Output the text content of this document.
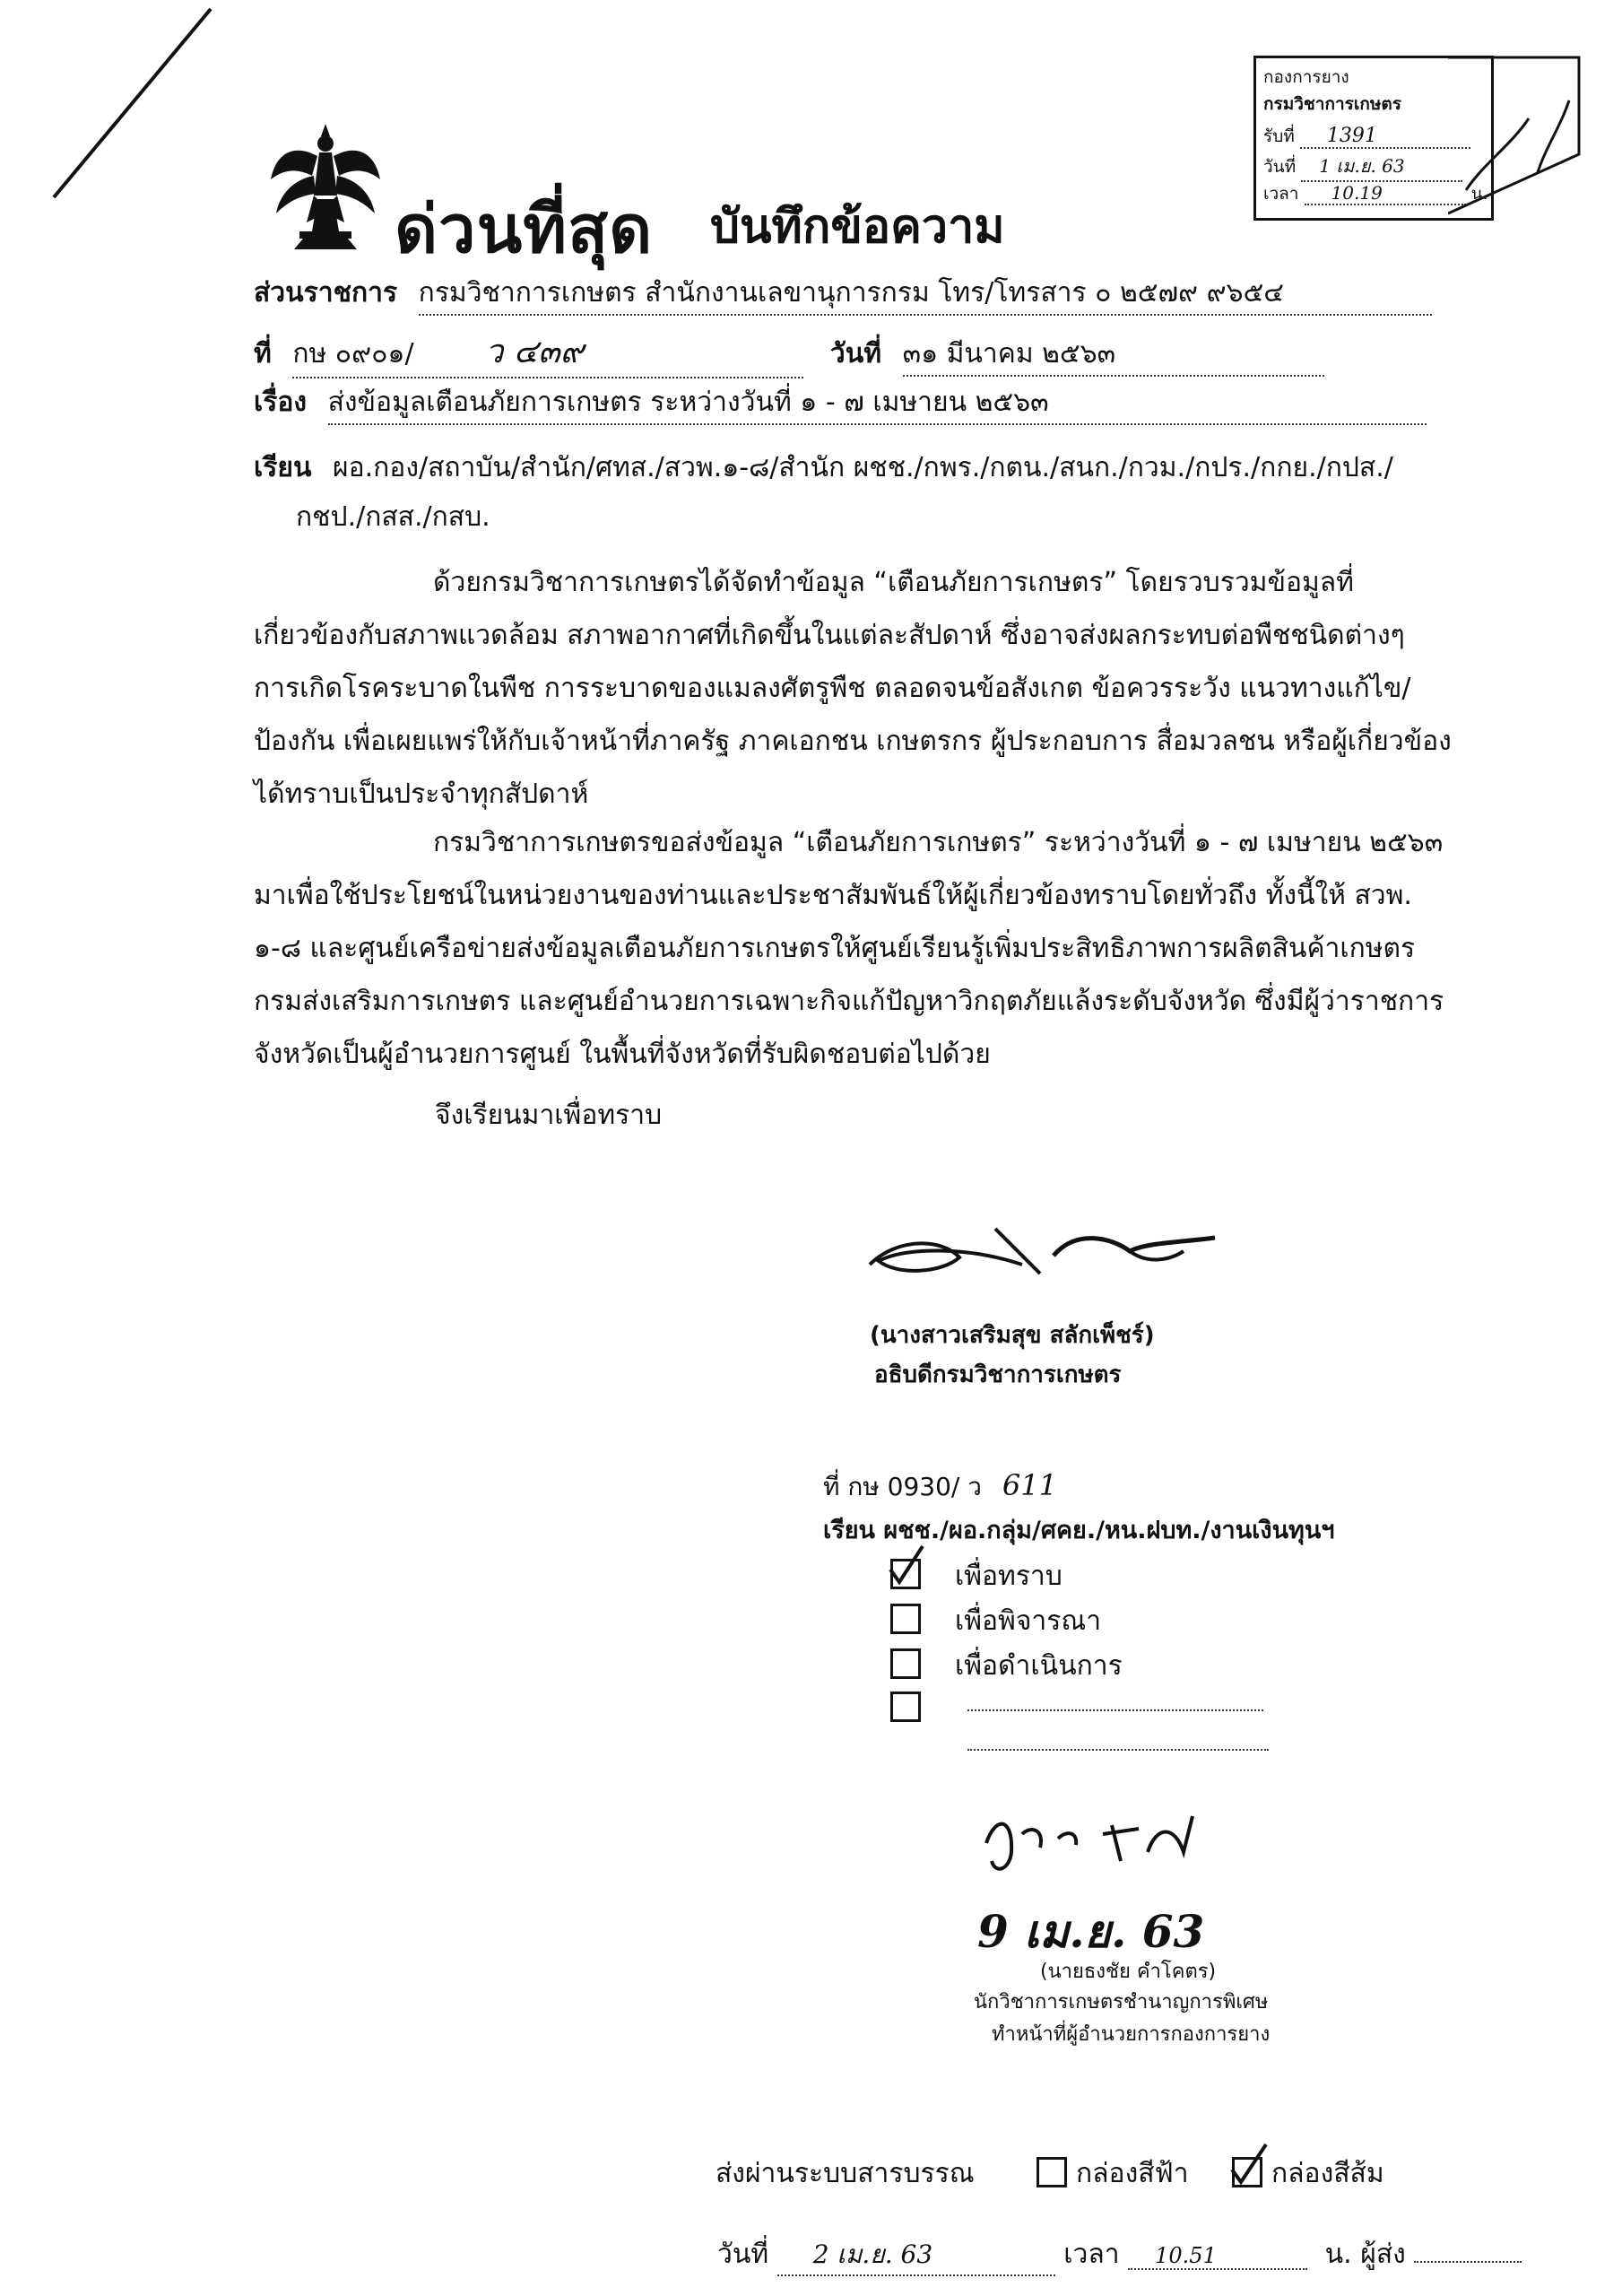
ด่วนที่สุด บันทึกข้อความ
กองการยาง
กรมวิชาการเกษตร
รับที่ 1391
วันที่ 1 เม.ย. 63
เวลา 10.19	น.
ส่วนราชการ กรมวิชาการเกษตร สำนักงานเลขานุการกรม โทร/โทรสาร ๐ ๒๕๗๙ ๙๖๕๔
ที่ กษ ๐๙๐๑/ ว ๔๓๙	วันที่ ๓๑ มีนาคม ๒๕๖๓
เรื่อง ส่งข้อมูลเตือนภัยการเกษตร ระหว่างวันที่ ๑ - ๗ เมษายน ๒๕๖๓
เรียน ผอ.กอง/สถาบัน/สำนัก/ศทส./สวพ.๑-๘/สำนัก ผชช./กพร./กตน./สนก./กวม./กปร./กกย./กปส./
กชป./กสส./กสบ.
ด้วยกรมวิชาการเกษตรได้จัดทำข้อมูล “เตือนภัยการเกษตร” โดยรวบรวมข้อมูลที่เกี่ยวข้องกับสภาพแวดล้อม สภาพอากาศที่เกิดขึ้นในแต่ละสัปดาห์ ซึ่งอาจส่งผลกระทบต่อพืชชนิดต่างๆ การเกิดโรคระบาดในพืช การระบาดของแมลงศัตรูพืช ตลอดจนข้อสังเกต ข้อควรระวัง แนวทางแก้ไข/ป้องกัน เพื่อเผยแพร่ให้กับเจ้าหน้าที่ภาครัฐ ภาคเอกชน เกษตรกร ผู้ประกอบการ สื่อมวลชน หรือผู้เกี่ยวข้องได้ทราบเป็นประจำทุกสัปดาห์
กรมวิชาการเกษตรขอส่งข้อมูล “เตือนภัยการเกษตร” ระหว่างวันที่ ๑ - ๗ เมษายน ๒๕๖๓ มาเพื่อใช้ประโยชน์ในหน่วยงานของท่านและประชาสัมพันธ์ให้ผู้เกี่ยวข้องทราบโดยทั่วถึง ทั้งนี้ให้ สวพ. ๑-๘ และศูนย์เครือข่ายส่งข้อมูลเตือนภัยการเกษตรให้ศูนย์เรียนรู้เพิ่มประสิทธิภาพการผลิตสินค้าเกษตร กรมส่งเสริมการเกษตร และศูนย์อำนวยการเฉพาะกิจแก้ปัญหาวิกฤตภัยแล้งระดับจังหวัด ซึ่งมีผู้ว่าราชการจังหวัดเป็นผู้อำนวยการศูนย์ ในพื้นที่จังหวัดที่รับผิดชอบต่อไปด้วย
จึงเรียนมาเพื่อทราบ
(นางสาวเสริมสุข สลักเพ็ชร์)
อธิบดีกรมวิชาการเกษตร
ที่ กษ 0930/ ว 611
เรียน ผชช./ผอ.กลุ่ม/ศคย./หน.ฝบท./งานเงินทุนฯ
เพื่อทราบ
เพื่อพิจารณา
เพื่อดำเนินการ
9 เม.ย. 63
(นายธงชัย คำโคตร)
นักวิชาการเกษตรชำนาญการพิเศษ
ทำหน้าที่ผู้อำนวยการกองการยาง
ส่งผ่านระบบสารบรรณ	กล่องสีฟ้า	กล่องสีส้ม
วันที่ 2 เม.ย. 63	เวลา 10.51	น. ผู้ส่ง
